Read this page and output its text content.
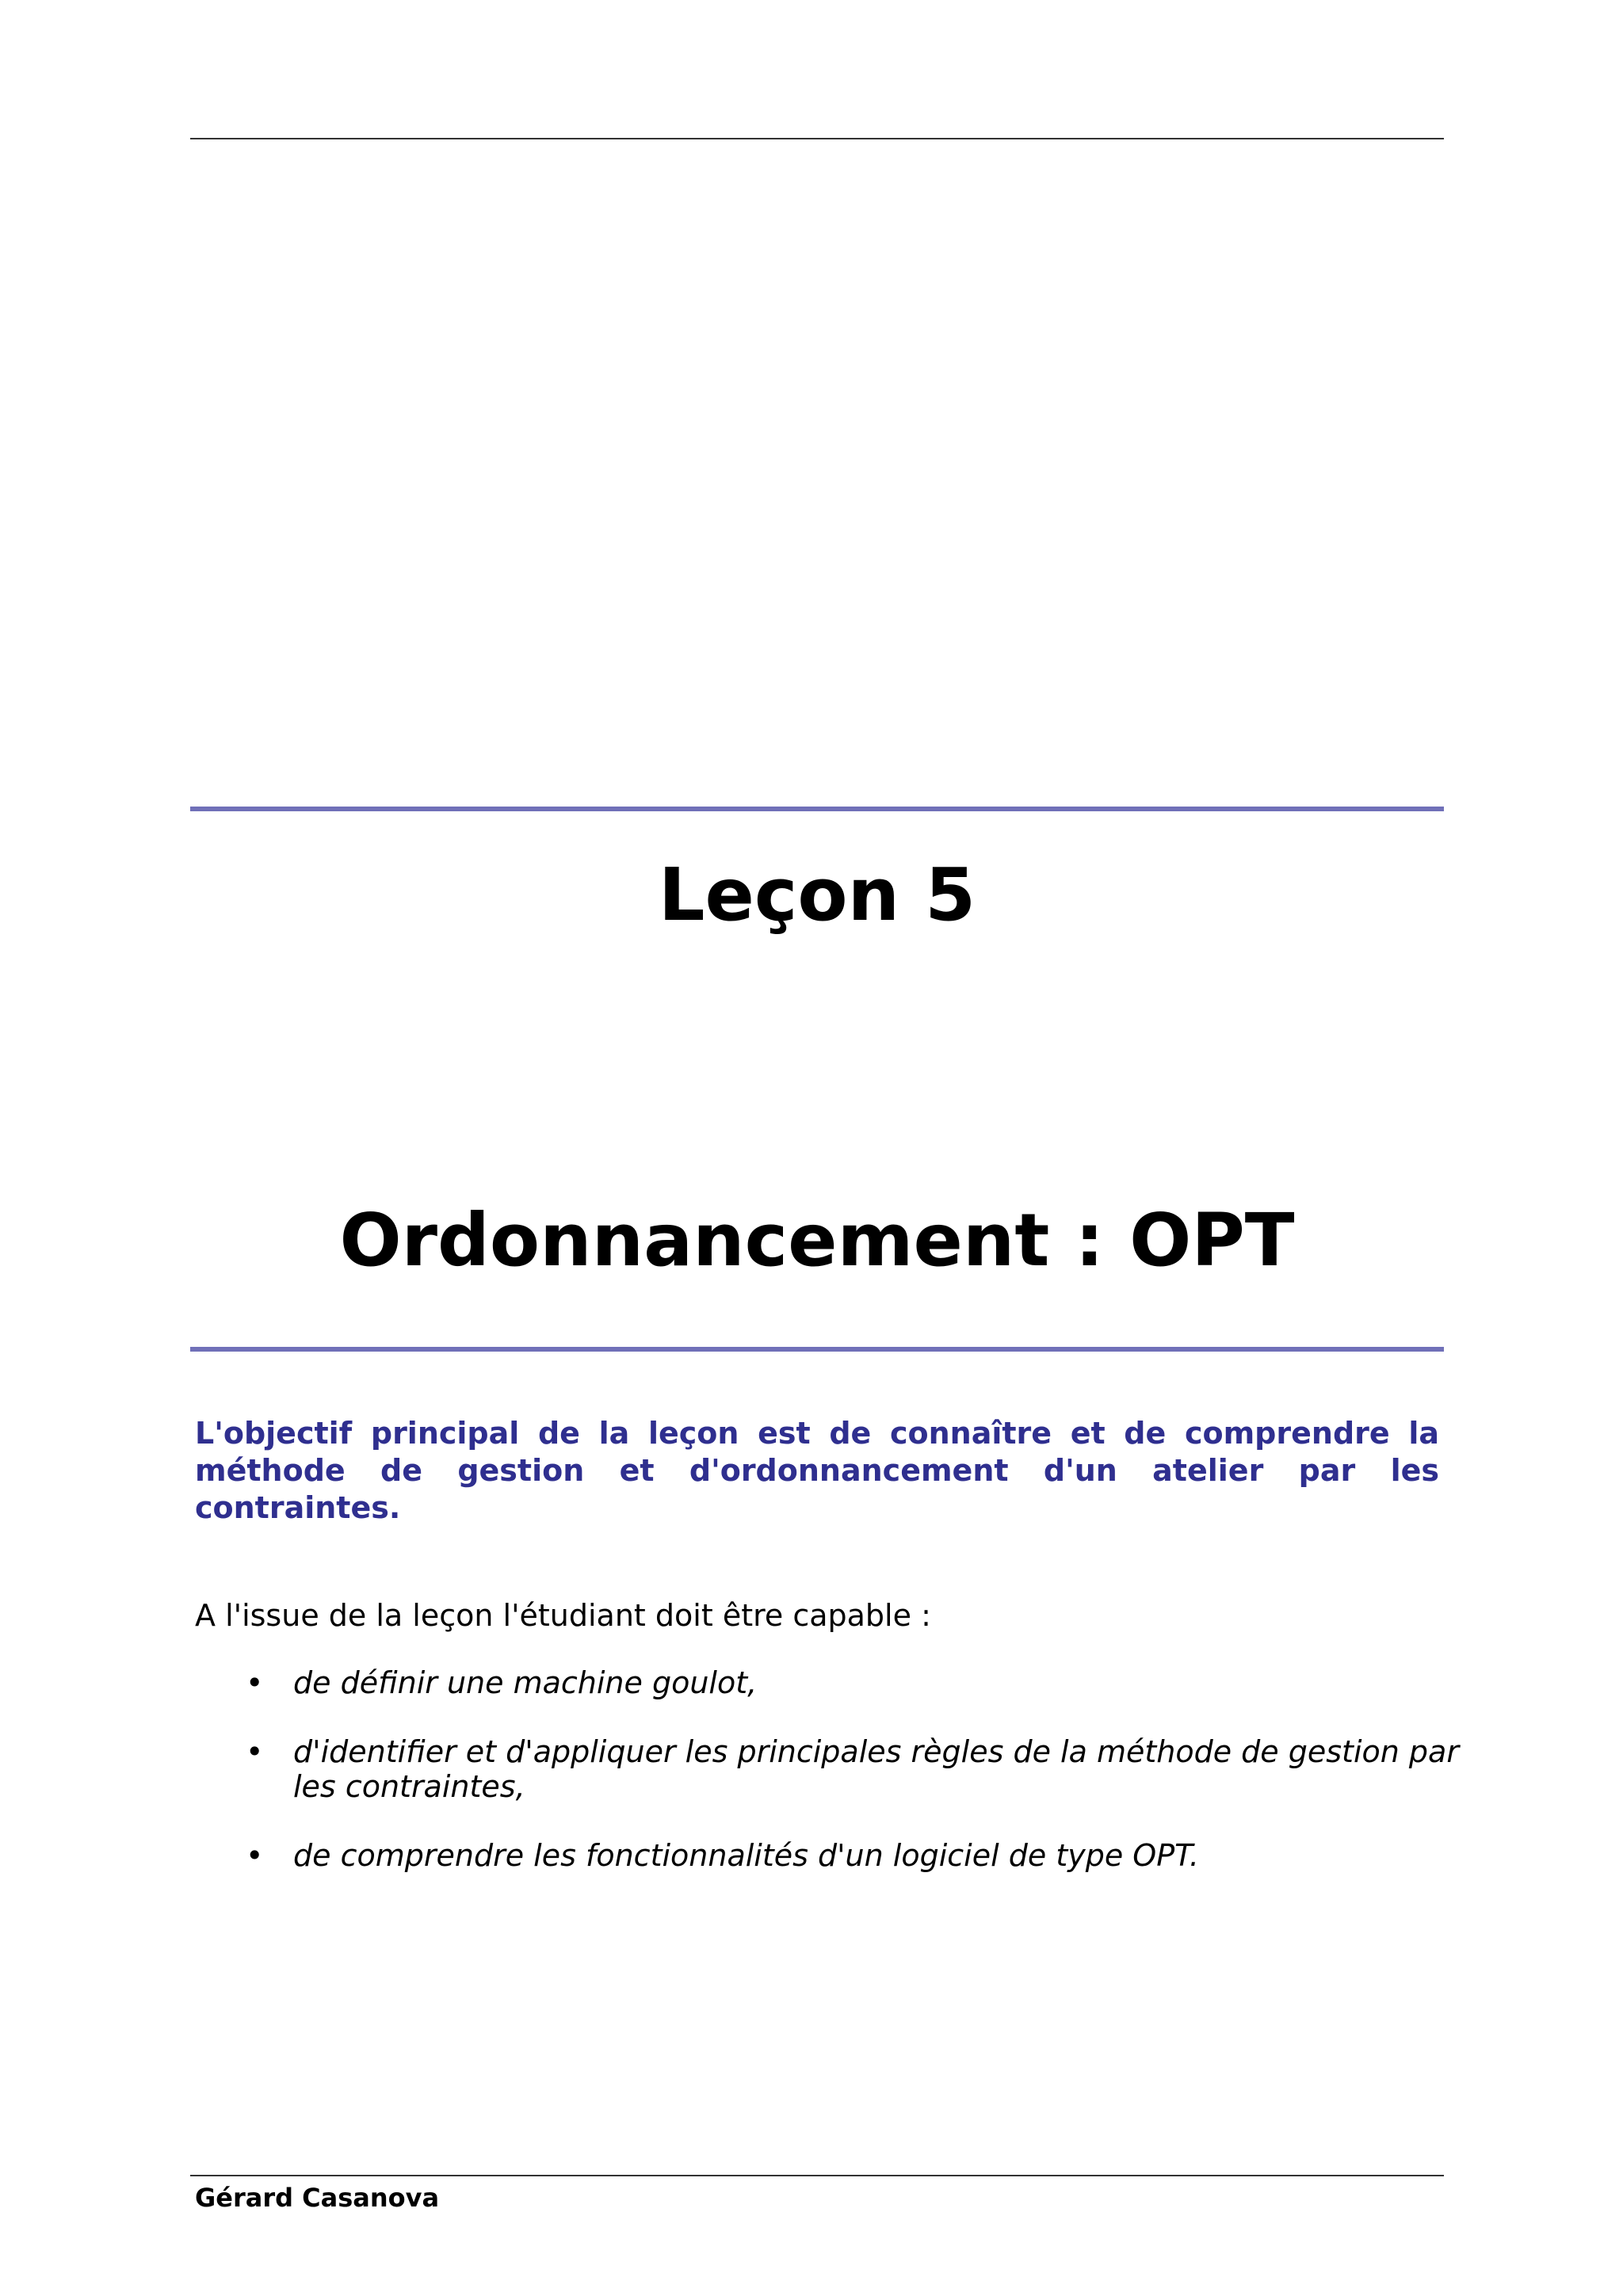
Leçon 5
Ordonnancement : OPT

L'objectif principal de la leçon est de connaître et de comprendre la méthode de gestion et d'ordonnancement d'un atelier par les contraintes.

A l'issue de la leçon l'étudiant doit être capable :

• de définir une machine goulot,
• d'identifier et d'appliquer les principales règles de la méthode de gestion par les contraintes,
• de comprendre les fonctionnalités d'un logiciel de type OPT.
Gérard Casanova
